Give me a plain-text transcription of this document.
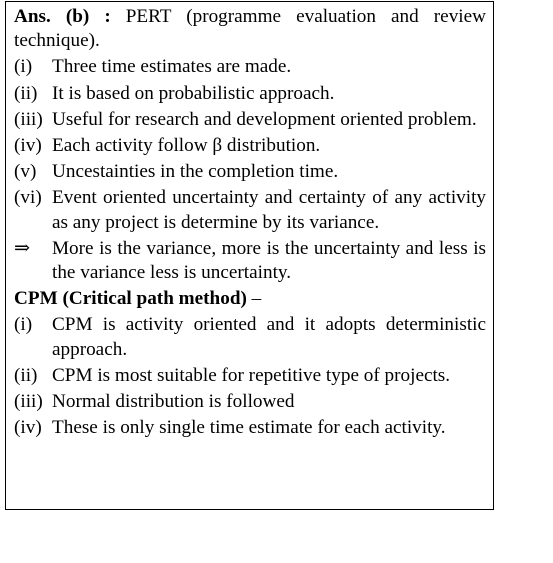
Ans. (b) : PERT (programme evaluation and review technique).

(i)	Three time estimates are made.
(ii) It is based on probabilistic approach.
(iii) Useful for research and development oriented problem.
(iv) Each activity follow β distribution.
(v) Uncestainties in the completion time.
(vi) Event oriented uncertainty and certainty of any activity as any project is determine by its variance.
⇒	More is the variance, more is the uncertainty and less is the variance less is uncertainty.
CPM (Critical path method) –
(i)	CPM is activity oriented and it adopts deterministic approach.
(ii) CPM is most suitable for repetitive type of projects.
(iii) Normal distribution is followed
(iv) These is only single time estimate for each activity.
